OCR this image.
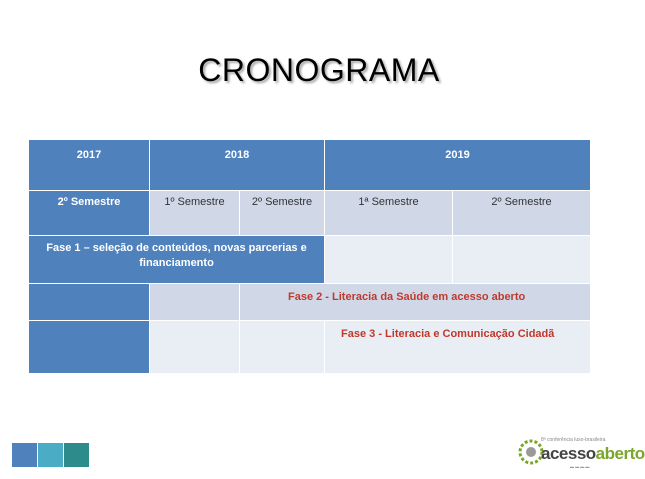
CRONOGRAMA
2017	2018		2019	

2º Semestre	1º Semestre	2º Semestre	1ª Semestre	2º Semestre

Fase 1 – seleção de conteúdos, novas parcerias e financiamento				

		Fase 2 - Literacia da Saúde em acesso aberto		

			Fase 3 - Literacia e Comunicação Cidadã	
8ª conferência luso-brasileira
acessoaberto
▬ ▬ ▬ ▬
